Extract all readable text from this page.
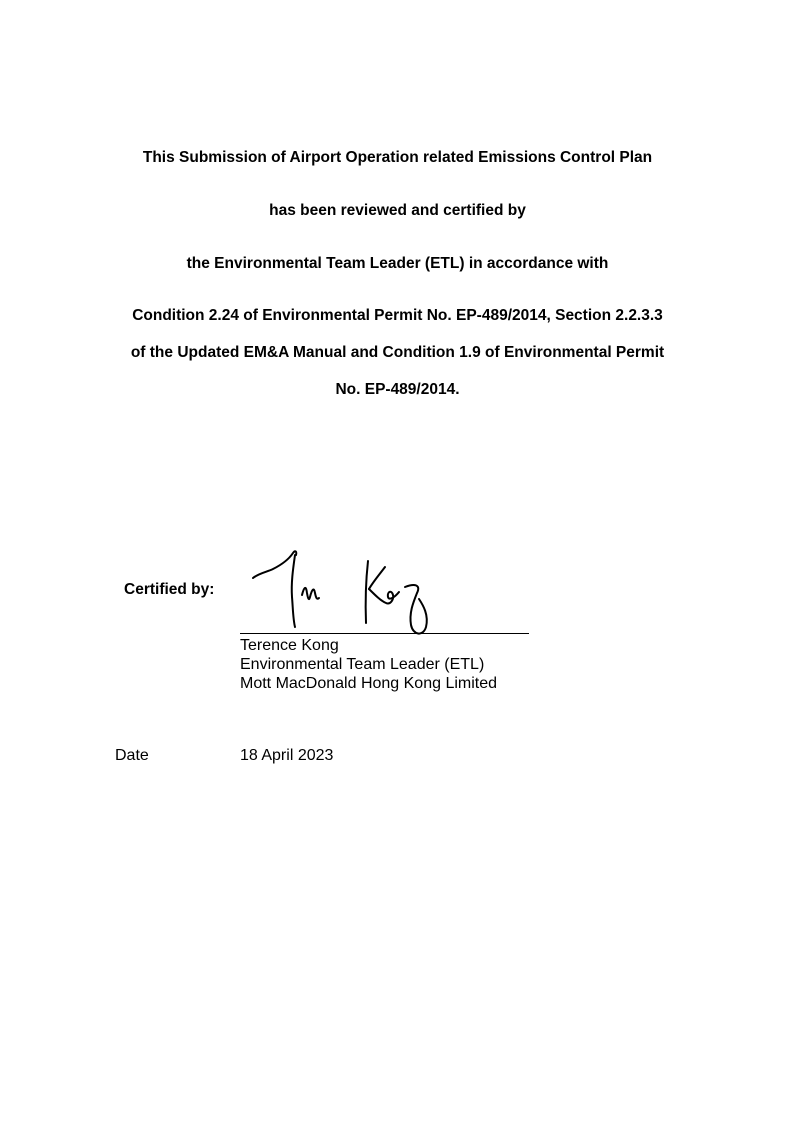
This Submission of Airport Operation related Emissions Control Plan
has been reviewed and certified by
the Environmental Team Leader (ETL) in accordance with
Condition 2.24 of Environmental Permit No. EP-489/2014, Section 2.2.3.3
of the Updated EM&A Manual and Condition 1.9 of Environmental Permit
No. EP-489/2014.
Certified by:
Terence Kong
Environmental Team Leader (ETL)
Mott MacDonald Hong Kong Limited
Date	18 April 2023
